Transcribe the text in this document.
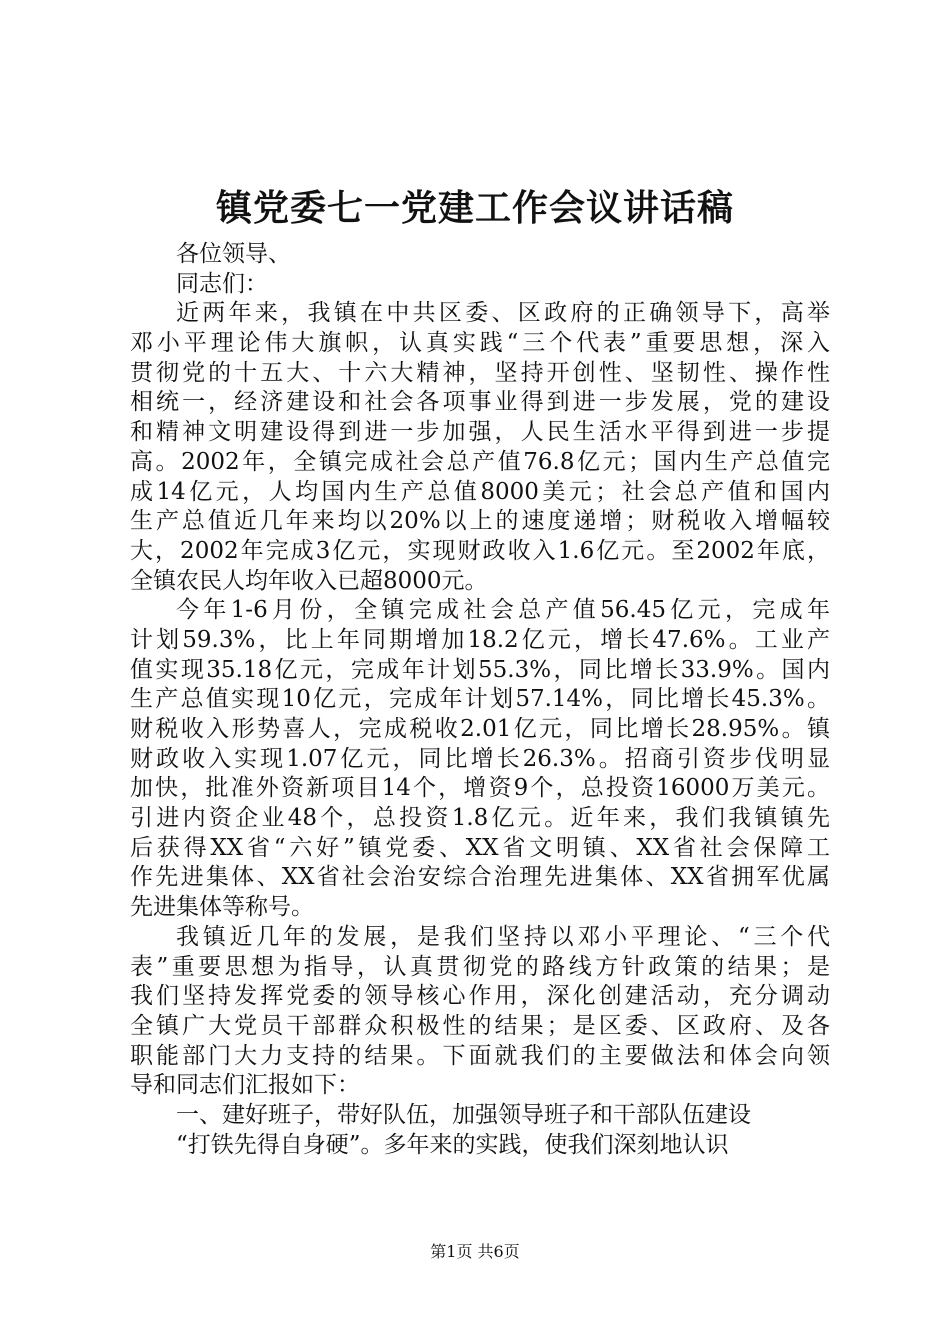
镇党委七一党建工作会议讲话稿
各位领导、
同志们：
近两年来，我镇在中共区委、区政府的正确领导下，高举
邓小平理论伟大旗帜，认真实践“三个代表”重要思想，深入
贯彻党的十五大、十六大精神，坚持开创性、坚韧性、操作性
相统一，经济建设和社会各项事业得到进一步发展，党的建设
和精神文明建设得到进一步加强，人民生活水平得到进一步提
高。2002年，全镇完成社会总产值76.8亿元；国内生产总值完
成14亿元，人均国内生产总值8000美元；社会总产值和国内
生产总值近几年来均以20%以上的速度递增；财税收入增幅较
大，2002年完成3亿元，实现财政收入1.6亿元。至2002年底，
全镇农民人均年收入已超8000元。
今年1-6月份，全镇完成社会总产值56.45亿元，完成年
计划59.3%，比上年同期增加18.2亿元，增长47.6%。工业产
值实现35.18亿元，完成年计划55.3%，同比增长33.9%。国内
生产总值实现10亿元，完成年计划57.14%，同比增长45.3%。
财税收入形势喜人，完成税收2.01亿元，同比增长28.95%。镇
财政收入实现1.07亿元，同比增长26.3%。招商引资步伐明显
加快，批准外资新项目14个，增资9个，总投资16000万美元。
引进内资企业48个，总投资1.8亿元。近年来，我们我镇镇先
后获得XX省“六好”镇党委、XX省文明镇、XX省社会保障工
作先进集体、XX省社会治安综合治理先进集体、XX省拥军优属
先进集体等称号。
我镇近几年的发展，是我们坚持以邓小平理论、“三个代
表”重要思想为指导，认真贯彻党的路线方针政策的结果；是
我们坚持发挥党委的领导核心作用，深化创建活动，充分调动
全镇广大党员干部群众积极性的结果；是区委、区政府、及各
职能部门大力支持的结果。下面就我们的主要做法和体会向领
导和同志们汇报如下：
一、建好班子，带好队伍，加强领导班子和干部队伍建设
“打铁先得自身硬”。多年来的实践，使我们深刻地认识
第1页 共6页
